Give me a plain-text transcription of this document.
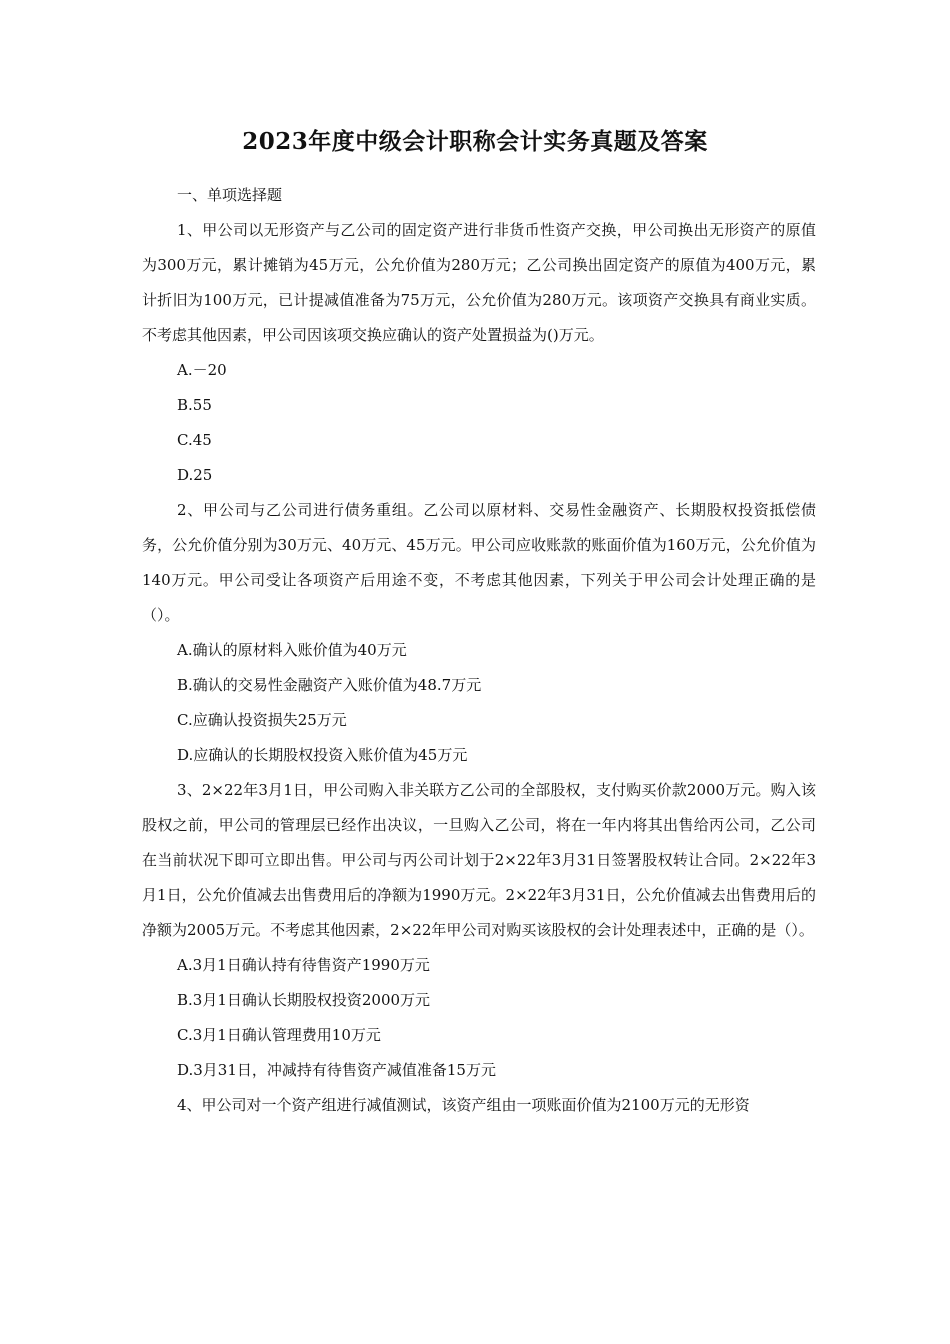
2023年度中级会计职称会计实务真题及答案

一、单项选择题

1、甲公司以无形资产与乙公司的固定资产进行非货币性资产交换，甲公司换出无形资产的原值为300万元，累计摊销为45万元，公允价值为280万元；乙公司换出固定资产的原值为400万元，累计折旧为100万元，已计提减值准备为75万元，公允价值为280万元。该项资产交换具有商业实质。不考虑其他因素，甲公司因该项交换应确认的资产处置损益为()万元。

A.－20

B.55

C.45

D.25

2、甲公司与乙公司进行债务重组。乙公司以原材料、交易性金融资产、长期股权投资抵偿债务，公允价值分别为30万元、40万元、45万元。甲公司应收账款的账面价值为160万元，公允价值为140万元。甲公司受让各项资产后用途不变，不考虑其他因素，下列关于甲公司会计处理正确的是（）。

A.确认的原材料入账价值为40万元

B.确认的交易性金融资产入账价值为48.7万元

C.应确认投资损失25万元

D.应确认的长期股权投资入账价值为45万元

3、2×22年3月1日，甲公司购入非关联方乙公司的全部股权，支付购买价款2000万元。购入该股权之前，甲公司的管理层已经作出决议，一旦购入乙公司，将在一年内将其出售给丙公司，乙公司在当前状况下即可立即出售。甲公司与丙公司计划于2×22年3月31日签署股权转让合同。2×22年3月1日，公允价值减去出售费用后的净额为1990万元。2×22年3月31日，公允价值减去出售费用后的净额为2005万元。不考虑其他因素，2×22年甲公司对购买该股权的会计处理表述中，正确的是（）。

A.3月1日确认持有待售资产1990万元

B.3月1日确认长期股权投资2000万元

C.3月1日确认管理费用10万元

D.3月31日，冲减持有待售资产减值准备15万元

4、甲公司对一个资产组进行减值测试，该资产组由一项账面价值为2100万元的无形资
